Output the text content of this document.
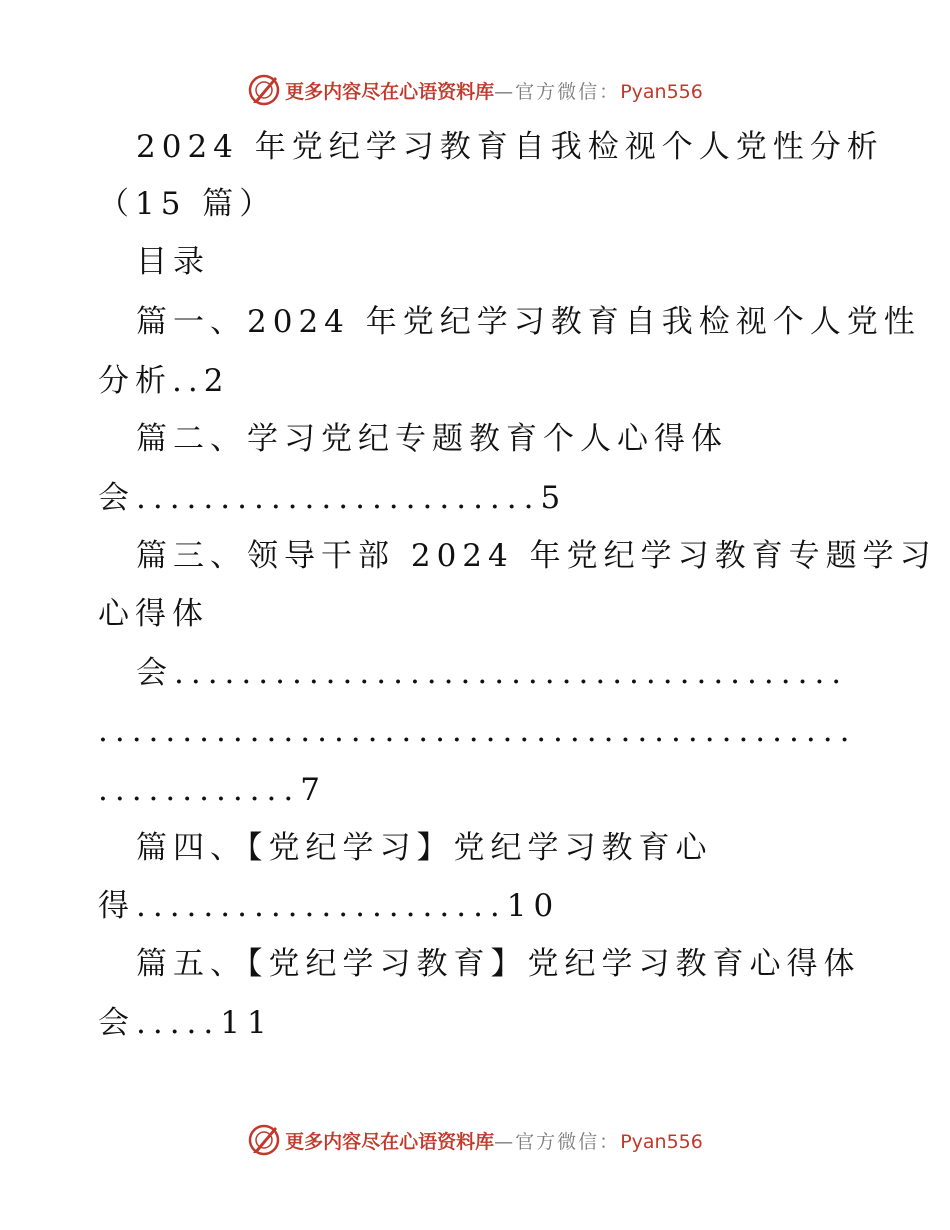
更多内容尽在心语资料库—官方微信：Pyan556
2024 年党纪学习教育自我检视个人党性分析
（15 篇）
目录
篇一、2024 年党纪学习教育自我检视个人党性
分析..2
篇二、学习党纪专题教育个人心得体
会........................5
篇三、领导干部 2024 年党纪学习教育专题学习
心得体
会........................................
.............................................
............7
篇四、【党纪学习】党纪学习教育心
得......................10
篇五、【党纪学习教育】党纪学习教育心得体
会.....11
更多内容尽在心语资料库—官方微信：Pyan556
